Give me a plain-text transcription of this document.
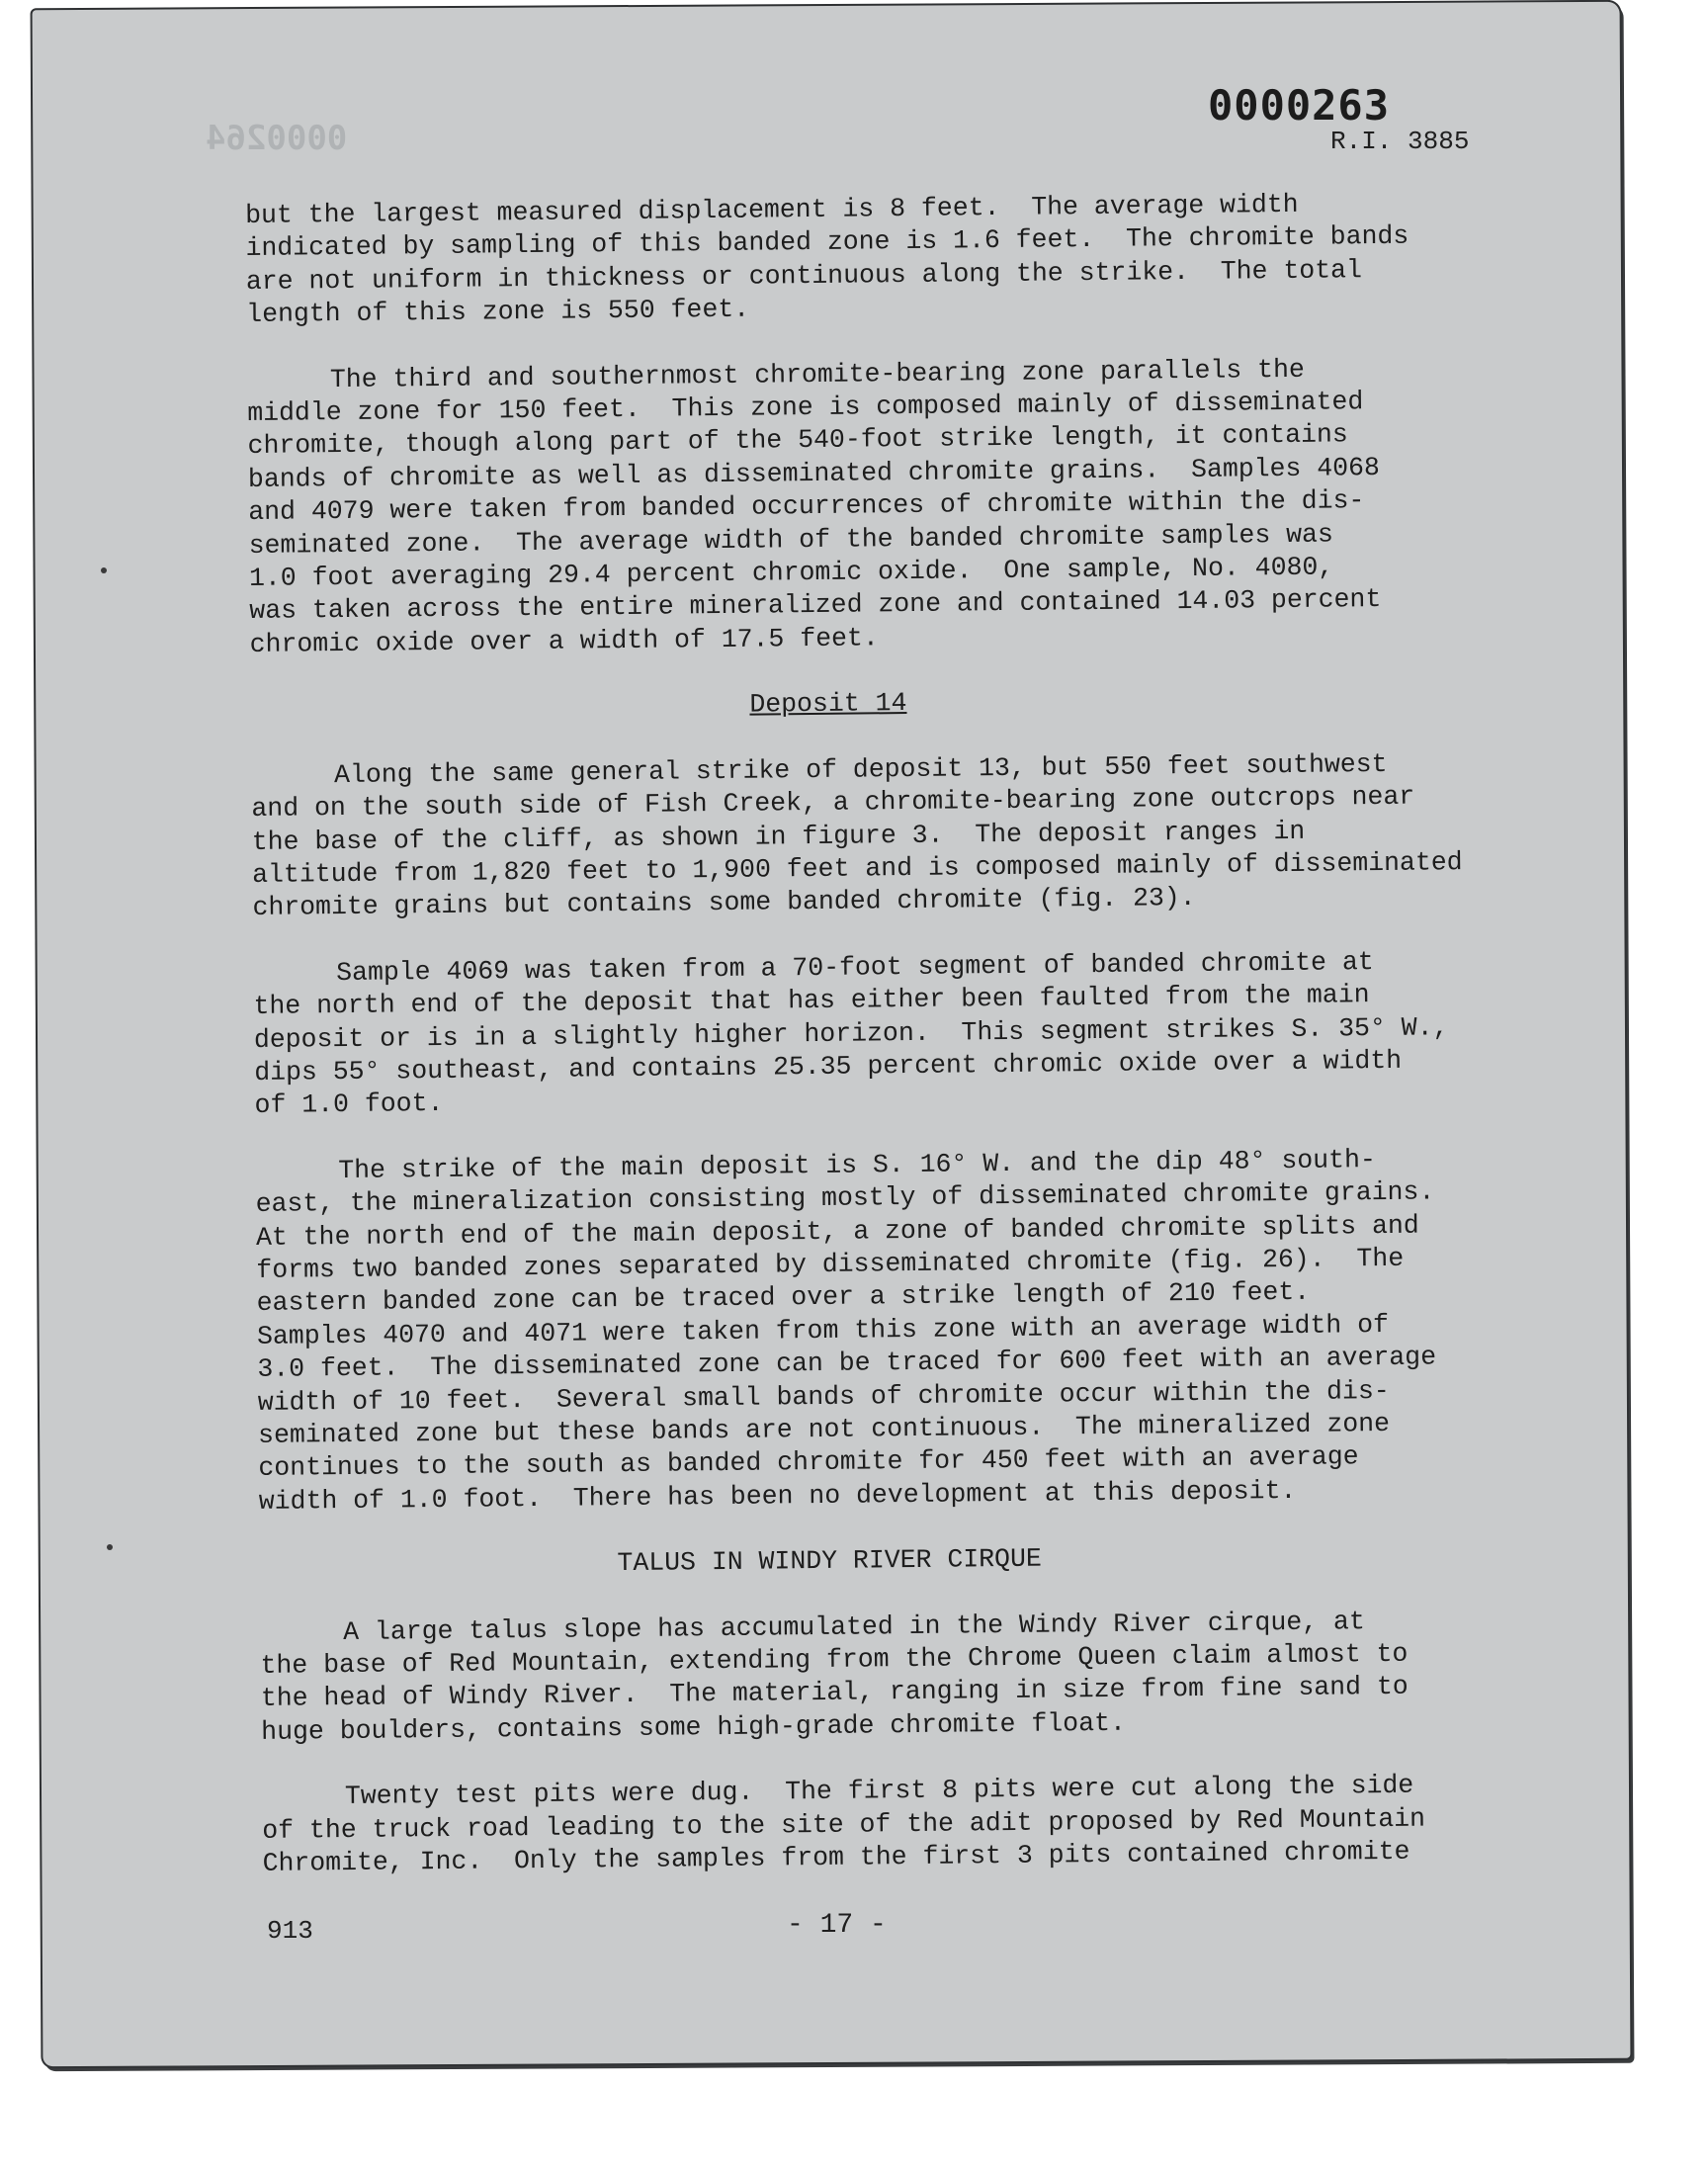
0000264
0000263
R.I. 3885
but the largest measured displacement is 8 feet.  The average width
indicated by sampling of this banded zone is 1.6 feet.  The chromite bands
are not uniform in thickness or continuous along the strike.  The total
length of this zone is 550 feet.
The third and southernmost chromite-bearing zone parallels the
middle zone for 150 feet.  This zone is composed mainly of disseminated
chromite, though along part of the 540-foot strike length, it contains
bands of chromite as well as disseminated chromite grains.  Samples 4068
and 4079 were taken from banded occurrences of chromite within the dis-
seminated zone.  The average width of the banded chromite samples was
1.0 foot averaging 29.4 percent chromic oxide.  One sample, No. 4080,
was taken across the entire mineralized zone and contained 14.03 percent
chromic oxide over a width of 17.5 feet.
Deposit 14
Along the same general strike of deposit 13, but 550 feet southwest
and on the south side of Fish Creek, a chromite-bearing zone outcrops near
the base of the cliff, as shown in figure 3.  The deposit ranges in
altitude from 1,820 feet to 1,900 feet and is composed mainly of disseminated
chromite grains but contains some banded chromite (fig. 23).
Sample 4069 was taken from a 70-foot segment of banded chromite at
the north end of the deposit that has either been faulted from the main
deposit or is in a slightly higher horizon.  This segment strikes S. 35° W.,
dips 55° southeast, and contains 25.35 percent chromic oxide over a width
of 1.0 foot.
The strike of the main deposit is S. 16° W. and the dip 48° south-
east, the mineralization consisting mostly of disseminated chromite grains.
At the north end of the main deposit, a zone of banded chromite splits and
forms two banded zones separated by disseminated chromite (fig. 26).  The
eastern banded zone can be traced over a strike length of 210 feet.
Samples 4070 and 4071 were taken from this zone with an average width of
3.0 feet.  The disseminated zone can be traced for 600 feet with an average
width of 10 feet.  Several small bands of chromite occur within the dis-
seminated zone but these bands are not continuous.  The mineralized zone
continues to the south as banded chromite for 450 feet with an average
width of 1.0 foot.  There has been no development at this deposit.
TALUS IN WINDY RIVER CIRQUE
A large talus slope has accumulated in the Windy River cirque, at
the base of Red Mountain, extending from the Chrome Queen claim almost to
the head of Windy River.  The material, ranging in size from fine sand to
huge boulders, contains some high-grade chromite float.
Twenty test pits were dug.  The first 8 pits were cut along the side
of the truck road leading to the site of the adit proposed by Red Mountain
Chromite, Inc.  Only the samples from the first 3 pits contained chromite
913	- 17 -
